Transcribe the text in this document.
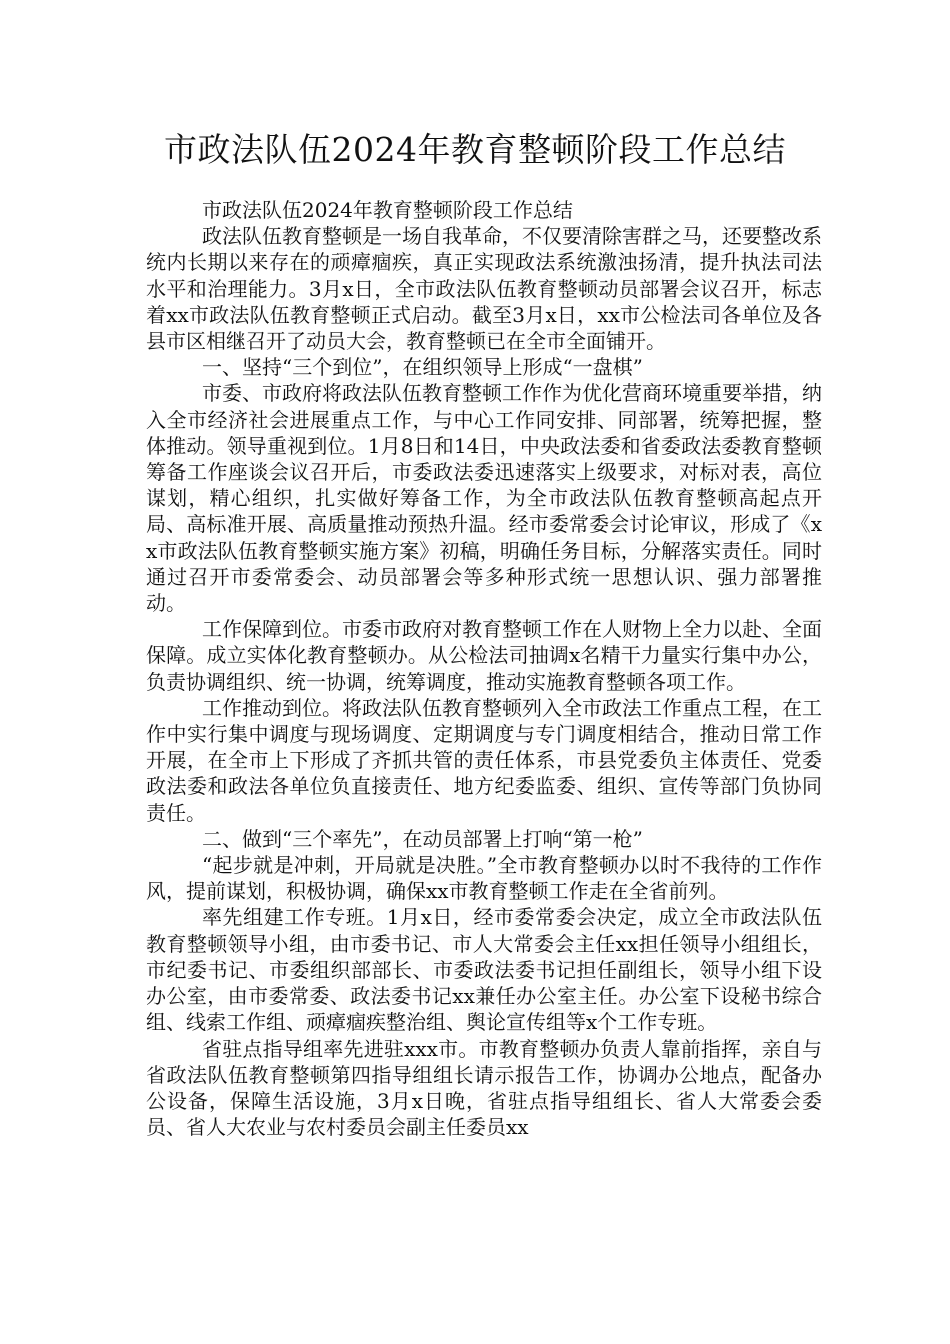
市政法队伍2024年教育整顿阶段工作总结

市政法队伍2024年教育整顿阶段工作总结

政法队伍教育整顿是一场自我革命，不仅要清除害群之马，还要整改系统内长期以来存在的顽瘴痼疾，真正实现政法系统激浊扬清，提升执法司法水平和治理能力。3月x日，全市政法队伍教育整顿动员部署会议召开，标志着xx市政法队伍教育整顿正式启动。截至3月x日，xx市公检法司各单位及各县市区相继召开了动员大会，教育整顿已在全市全面铺开。

一、坚持“三个到位”，在组织领导上形成“一盘棋”

市委、市政府将政法队伍教育整顿工作作为优化营商环境重要举措，纳入全市经济社会进展重点工作，与中心工作同安排、同部署，统筹把握，整体推动。领导重视到位。1月8日和14日，中央政法委和省委政法委教育整顿筹备工作座谈会议召开后，市委政法委迅速落实上级要求，对标对表，高位谋划，精心组织，扎实做好筹备工作，为全市政法队伍教育整顿高起点开局、高标准开展、高质量推动预热升温。经市委常委会讨论审议，形成了《xx市政法队伍教育整顿实施方案》初稿，明确任务目标，分解落实责任。同时通过召开市委常委会、动员部署会等多种形式统一思想认识、强力部署推动。

工作保障到位。市委市政府对教育整顿工作在人财物上全力以赴、全面保障。成立实体化教育整顿办。从公检法司抽调x名精干力量实行集中办公，负责协调组织、统一协调，统筹调度，推动实施教育整顿各项工作。

工作推动到位。将政法队伍教育整顿列入全市政法工作重点工程，在工作中实行集中调度与现场调度、定期调度与专门调度相结合，推动日常工作开展，在全市上下形成了齐抓共管的责任体系，市县党委负主体责任、党委政法委和政法各单位负直接责任、地方纪委监委、组织、宣传等部门负协同责任。

二、做到“三个率先”，在动员部署上打响“第一枪”

“起步就是冲刺，开局就是决胜。”全市教育整顿办以时不我待的工作作风，提前谋划，积极协调，确保xx市教育整顿工作走在全省前列。

率先组建工作专班。1月x日，经市委常委会决定，成立全市政法队伍教育整顿领导小组，由市委书记、市人大常委会主任xx担任领导小组组长，市纪委书记、市委组织部部长、市委政法委书记担任副组长，领导小组下设办公室，由市委常委、政法委书记xx兼任办公室主任。办公室下设秘书综合组、线索工作组、顽瘴痼疾整治组、舆论宣传组等x个工作专班。

省驻点指导组率先进驻xxx市。市教育整顿办负责人靠前指挥，亲自与省政法队伍教育整顿第四指导组组长请示报告工作，协调办公地点，配备办公设备，保障生活设施，3月x日晚，省驻点指导组组长、省人大常委会委员、省人大农业与农村委员会副主任委员xx
